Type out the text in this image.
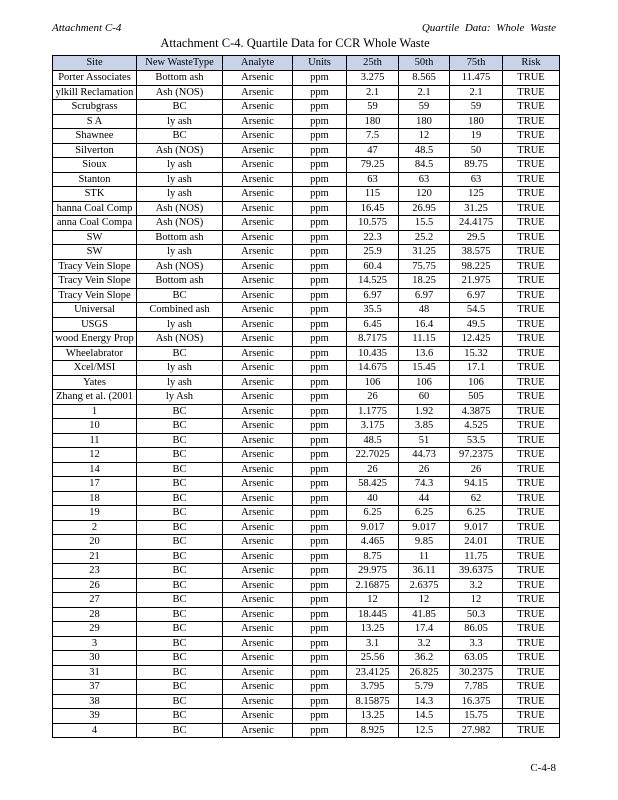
Attachment C-4	Quartile Data: Whole Waste
Attachment C-4. Quartile Data for CCR Whole Waste
Site	New WasteType	Analyte	Units	25th	50th	75th	Risk
Porter Associates	Bottom ash	Arsenic	ppm	3.275	8.565	11.475	TRUE
ylkill Reclamation	Ash (NOS)	Arsenic	ppm	2.1	2.1	2.1	TRUE
Scrubgrass	BC	Arsenic	ppm	59	59	59	TRUE
S A	ly ash	Arsenic	ppm	180	180	180	TRUE
Shawnee	BC	Arsenic	ppm	7.5	12	19	TRUE
Silverton	Ash (NOS)	Arsenic	ppm	47	48.5	50	TRUE
Sioux	ly ash	Arsenic	ppm	79.25	84.5	89.75	TRUE
Stanton	ly ash	Arsenic	ppm	63	63	63	TRUE
STK	ly ash	Arsenic	ppm	115	120	125	TRUE
hanna Coal Comp	Ash (NOS)	Arsenic	ppm	16.45	26.95	31.25	TRUE
anna Coal Compa	Ash (NOS)	Arsenic	ppm	10.575	15.5	24.4175	TRUE
SW	Bottom ash	Arsenic	ppm	22.3	25.2	29.5	TRUE
SW	ly ash	Arsenic	ppm	25.9	31.25	38.575	TRUE
Tracy Vein Slope	Ash (NOS)	Arsenic	ppm	60.4	75.75	98.225	TRUE
Tracy Vein Slope	Bottom ash	Arsenic	ppm	14.525	18.25	21.975	TRUE
Tracy Vein Slope	BC	Arsenic	ppm	6.97	6.97	6.97	TRUE
Universal	Combined ash	Arsenic	ppm	35.5	48	54.5	TRUE
USGS	ly ash	Arsenic	ppm	6.45	16.4	49.5	TRUE
wood Energy Prop	Ash (NOS)	Arsenic	ppm	8.7175	11.15	12.425	TRUE
Wheelabrator	BC	Arsenic	ppm	10.435	13.6	15.32	TRUE
Xcel/MSI	ly ash	Arsenic	ppm	14.675	15.45	17.1	TRUE
Yates	ly ash	Arsenic	ppm	106	106	106	TRUE
Zhang et al. (2001	ly Ash	Arsenic	ppm	26	60	505	TRUE
1	BC	Arsenic	ppm	1.1775	1.92	4.3875	TRUE
10	BC	Arsenic	ppm	3.175	3.85	4.525	TRUE
11	BC	Arsenic	ppm	48.5	51	53.5	TRUE
12	BC	Arsenic	ppm	22.7025	44.73	97.2375	TRUE
14	BC	Arsenic	ppm	26	26	26	TRUE
17	BC	Arsenic	ppm	58.425	74.3	94.15	TRUE
18	BC	Arsenic	ppm	40	44	62	TRUE
19	BC	Arsenic	ppm	6.25	6.25	6.25	TRUE
2	BC	Arsenic	ppm	9.017	9.017	9.017	TRUE
20	BC	Arsenic	ppm	4.465	9.85	24.01	TRUE
21	BC	Arsenic	ppm	8.75	11	11.75	TRUE
23	BC	Arsenic	ppm	29.975	36.11	39.6375	TRUE
26	BC	Arsenic	ppm	2.16875	2.6375	3.2	TRUE
27	BC	Arsenic	ppm	12	12	12	TRUE
28	BC	Arsenic	ppm	18.445	41.85	50.3	TRUE
29	BC	Arsenic	ppm	13.25	17.4	86.05	TRUE
3	BC	Arsenic	ppm	3.1	3.2	3.3	TRUE
30	BC	Arsenic	ppm	25.56	36.2	63.05	TRUE
31	BC	Arsenic	ppm	23.4125	26.825	30.2375	TRUE
37	BC	Arsenic	ppm	3.795	5.79	7.785	TRUE
38	BC	Arsenic	ppm	8.15875	14.3	16.375	TRUE
39	BC	Arsenic	ppm	13.25	14.5	15.75	TRUE
4	BC	Arsenic	ppm	8.925	12.5	27.982	TRUE
C-4-8
